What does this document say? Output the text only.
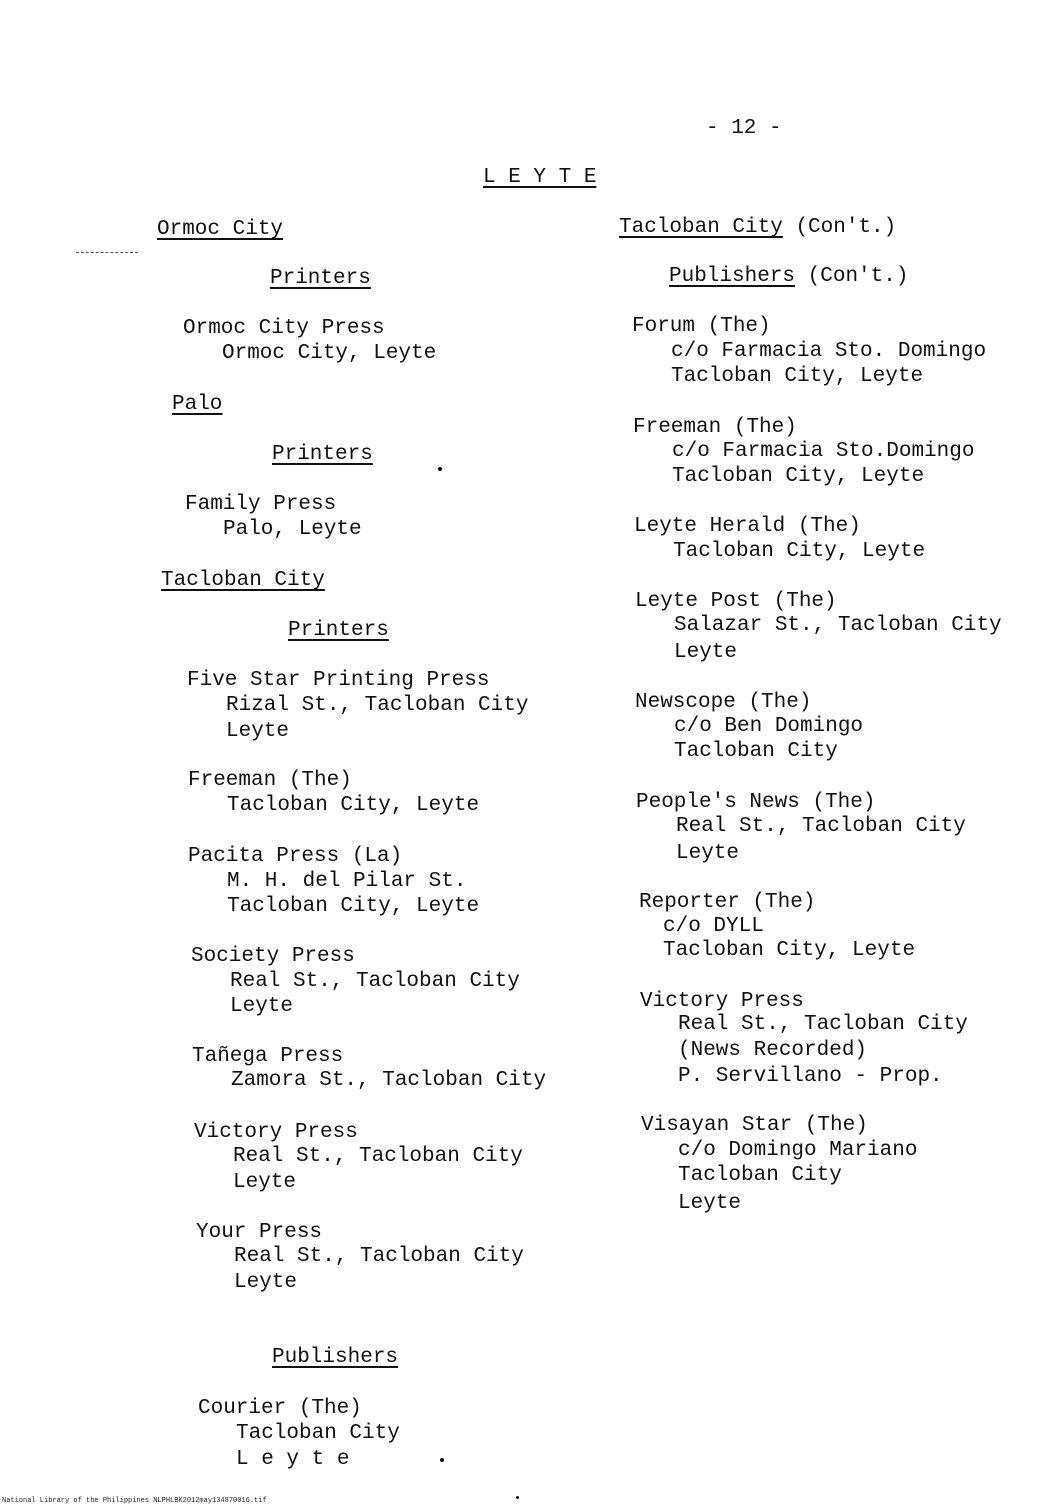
- 12 -
L E Y T E
Ormoc City
Printers
Ormoc City Press
Ormoc City, Leyte
Palo
Printers
Family Press
Palo, Leyte
Tacloban City
Printers
Five Star Printing Press
Rizal St., Tacloban City
Leyte
Freeman (The)
Tacloban City, Leyte
Pacita Press (La)
M. H. del Pilar St.
Tacloban City, Leyte
Society Press
Real St., Tacloban City
Leyte
Tañega Press
Zamora St., Tacloban City
Victory Press
Real St., Tacloban City
Leyte
Your Press
Real St., Tacloban City
Leyte
Publishers
Courier (The)
Tacloban City
L e y t e
Tacloban City (Con't.)
Publishers (Con't.)
Forum (The)
c/o Farmacia Sto. Domingo
Tacloban City, Leyte
Freeman (The)
c/o Farmacia Sto.Domingo
Tacloban City, Leyte
Leyte Herald (The)
Tacloban City, Leyte
Leyte Post (The)
Salazar St., Tacloban City
Leyte
Newscope (The)
c/o Ben Domingo
Tacloban City
People's News (The)
Real St., Tacloban City
Leyte
Reporter (The)
c/o DYLL
Tacloban City, Leyte
Victory Press
Real St., Tacloban City
(News Recorded)
P. Servillano - Prop.
Visayan Star (The)
c/o Domingo Mariano
Tacloban City
Leyte
National Library of the Philippines NLPHLBK2012may134870016.tif
